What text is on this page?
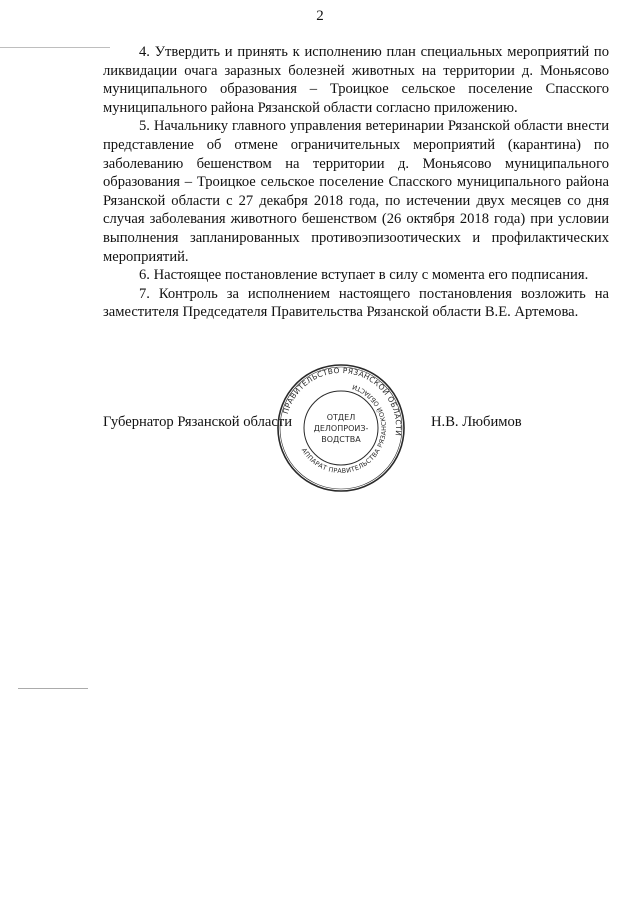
2

4. Утвердить и принять к исполнению план специальных мероприятий по ликвидации очага заразных болезней животных на территории д. Моньясово муниципального образования – Троицкое сельское поселение Спасского муниципального района Рязанской области согласно приложению.

5. Начальнику главного управления ветеринарии Рязанской области внести представление об отмене ограничительных мероприятий (карантина) по заболеванию бешенством на территории д. Моньясово муниципального образования – Троицкое сельское поселение Спасского муниципального района Рязанской области с 27 декабря 2018 года, по истечении двух месяцев со дня случая заболевания животного бешенством (26 октября 2018 года) при условии выполнения запланированных противоэпизоотических и профилактических мероприятий.

6. Настоящее постановление вступает в силу с момента его подписания.

7. Контроль за исполнением настоящего постановления возложить на заместителя Председателя Правительства Рязанской области В.Е. Артемова.

Губернатор Рязанской области	Н.В. Любимов
ПРАВИТЕЛЬСТВО РЯЗАНСКОЙ ОБЛАСТИ
АППАРАТ ПРАВИТЕЛЬСТВА РЯЗАНСКОЙ ОБЛАСТИ
ОТДЕЛ
ДЕЛОПРОИЗ-
ВОДСТВА
